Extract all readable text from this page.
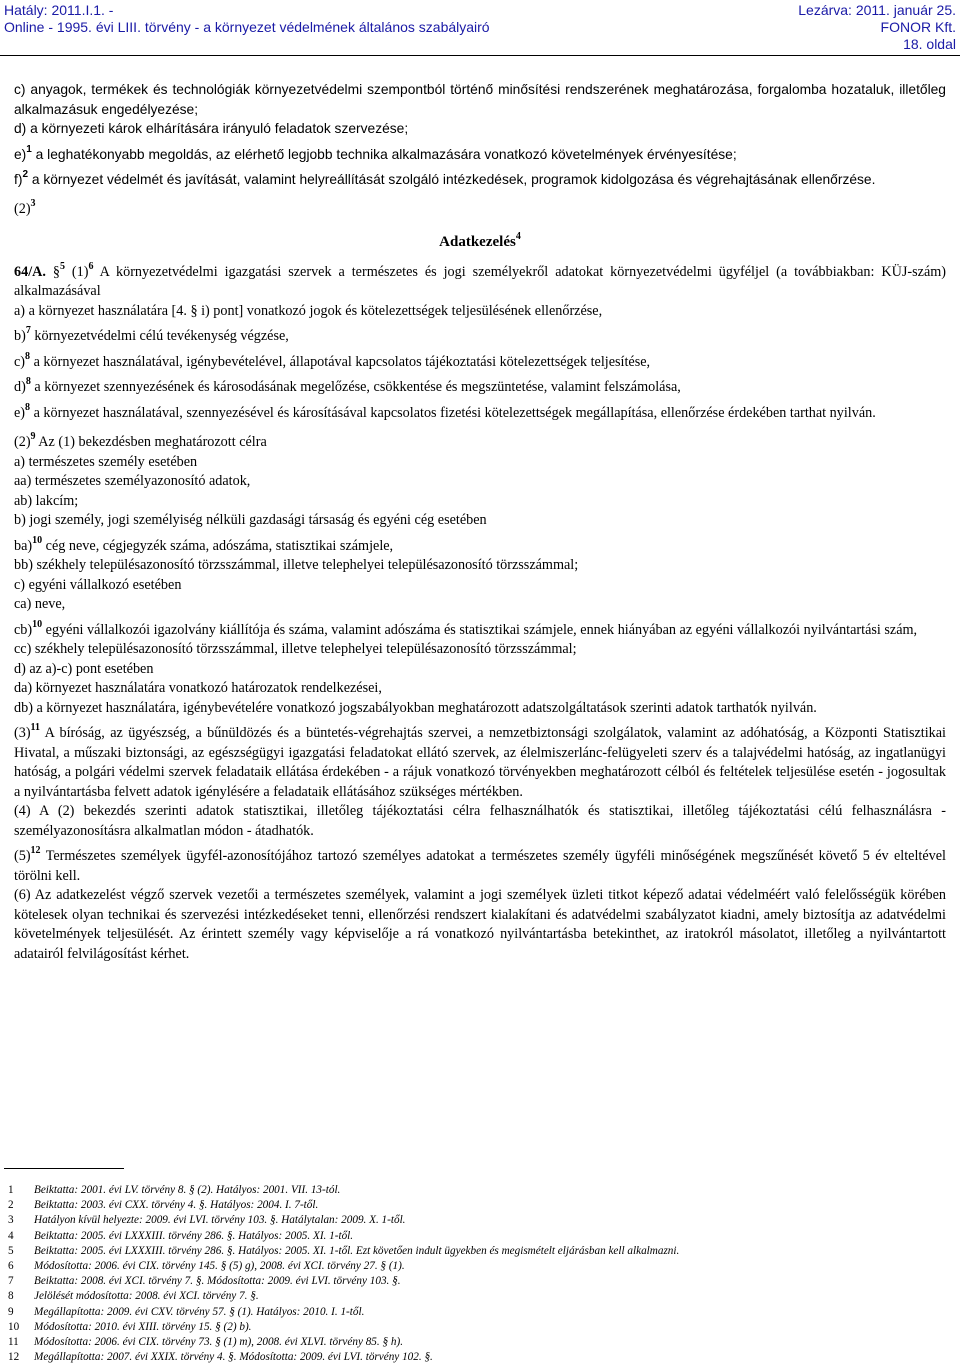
Hatály: 2011.I.1. -
Online - 1995. évi LIII. törvény - a környezet védelmének általános szabályairó
Lezárva: 2011. január 25.
FONOR Kft.
18. oldal

c) anyagok, termékek és technológiák környezetvédelmi szempontból történő minősítési rendszerének meghatározása, forgalomba hozataluk, illetőleg alkalmazásuk engedélyezése;

d) a környezeti károk elhárítására irányuló feladatok szervezése;

e)$^1$ a leghatékonyabb megoldás, az elérhető legjobb technika alkalmazására vonatkozó követelmények érvényesítése;

f)$^2$ a környezet védelmét és javítását, valamint helyreállítását szolgáló intézkedések, programok kidolgozása és végrehajtásának ellenőrzése.

$(2)^3$

Adatkezelés$^4$

64/A. §$^5$ $(1)^6$ A környezetvédelmi igazgatási szervek a természetes és jogi személyekről adatokat környezetvédelmi ügyféljel (a továbbiakban: KÜJ-szám) alkalmazásával

a) a környezet használatára [4. § i) pont] vonatkozó jogok és kötelezettségek teljesülésének ellenőrzése,

b)$^7$ környezetvédelmi célú tevékenység végzése,

c)$^8$ a környezet használatával, igénybevételével, állapotával kapcsolatos tájékoztatási kötelezettségek teljesítése,

d)$^8$ a környezet szennyezésének és károsodásának megelőzése, csökkentése és megszüntetése, valamint felszámolása,

e)$^8$ a környezet használatával, szennyezésével és károsításával kapcsolatos fizetési kötelezettségek megállapítása, ellenőrzése érdekében tarthat nyilván.

$(2)^9$ Az (1) bekezdésben meghatározott célra

a) természetes személy esetében

aa) természetes személyazonosító adatok,

ab) lakcím;

b) jogi személy, jogi személyiség nélküli gazdasági társaság és egyéni cég esetében

ba)$^{10}$ cég neve, cégjegyzék száma, adószáma, statisztikai számjele,

bb) székhely településazonosító törzsszámmal, illetve telephelyei településazonosító törzsszámmal;

c) egyéni vállalkozó esetében

ca) neve,

cb)$^{10}$ egyéni vállalkozói igazolvány kiállítója és száma, valamint adószáma és statisztikai számjele, ennek hiányában az egyéni vállalkozói nyilvántartási szám,

cc) székhely településazonosító törzsszámmal, illetve telephelyei településazonosító törzsszámmal;

d) az a)-c) pont esetében

da) környezet használatára vonatkozó határozatok rendelkezései,

db) a környezet használatára, igénybevételére vonatkozó jogszabályokban meghatározott adatszolgáltatások szerinti adatok tarthatók nyilván.

$(3)^{11}$ A bíróság, az ügyészség, a bűnüldözés és a büntetés-végrehajtás szervei, a nemzetbiztonsági szolgálatok, valamint az adóhatóság, a Központi Statisztikai Hivatal, a műszaki biztonsági, az egészségügyi igazgatási feladatokat ellátó szervek, az élelmiszerlánc-felügyeleti szerv és a talajvédelmi hatóság, az ingatlanügyi hatóság, a polgári védelmi szervek feladataik ellátása érdekében - a rájuk vonatkozó törvényekben meghatározott célból és feltételek teljesülése esetén - jogosultak a nyilvántartásba felvett adatok igénylésére a feladataik ellátásához szükséges mértékben.

(4) A (2) bekezdés szerinti adatok statisztikai, illetőleg tájékoztatási célra felhasználhatók és statisztikai, illetőleg tájékoztatási célú felhasználásra - személyazonosításra alkalmatlan módon - átadhatók.

$(5)^{12}$ Természetes személyek ügyfél-azonosítójához tartozó személyes adatokat a természetes személy ügyféli minőségének megszűnését követő 5 év elteltével törölni kell.

(6) Az adatkezelést végző szervek vezetői a természetes személyek, valamint a jogi személyek üzleti titkot képező adatai védelméért való felelősségük körében kötelesek olyan technikai és szervezési intézkedéseket tenni, ellenőrzési rendszert kialakítani és adatvédelmi szabályzatot kiadni, amely biztosítja az adatvédelmi követelmények teljesülését. Az érintett személy vagy képviselője a rá vonatkozó nyilvántartásba betekinthet, az iratokról másolatot, illetőleg a nyilvántartott adatairól felvilágosítást kérhet.

1	Beiktatta: 2001. évi LV. törvény 8. § (2). Hatályos: 2001. VII. 13-tól.
2	Beiktatta: 2003. évi CXX. törvény 4. §. Hatályos: 2004. I. 7-től.
3	Hatályon kívül helyezte: 2009. évi LVI. törvény 103. §. Hatálytalan: 2009. X. 1-től.
4	Beiktatta: 2005. évi LXXXIII. törvény 286. §. Hatályos: 2005. XI. 1-től.
5	Beiktatta: 2005. évi LXXXIII. törvény 286. §. Hatályos: 2005. XI. 1-től. Ezt követően indult ügyekben és megismételt eljárásban kell alkalmazni.
6	Módosította: 2006. évi CIX. törvény 145. § (5) g), 2008. évi XCI. törvény 27. § (1).
7	Beiktatta: 2008. évi XCI. törvény 7. §. Módosította: 2009. évi LVI. törvény 103. §.
8	Jelölését módosította: 2008. évi XCI. törvény 7. §.
9	Megállapította: 2009. évi CXV. törvény 57. § (1). Hatályos: 2010. I. 1-től.
10	Módosította: 2010. évi XIII. törvény 15. § (2) b).
11	Módosította: 2006. évi CIX. törvény 73. § (1) m), 2008. évi XLVI. törvény 85. § h).
12	Megállapította: 2007. évi XXIX. törvény 4. §. Módosította: 2009. évi LVI. törvény 102. §.
